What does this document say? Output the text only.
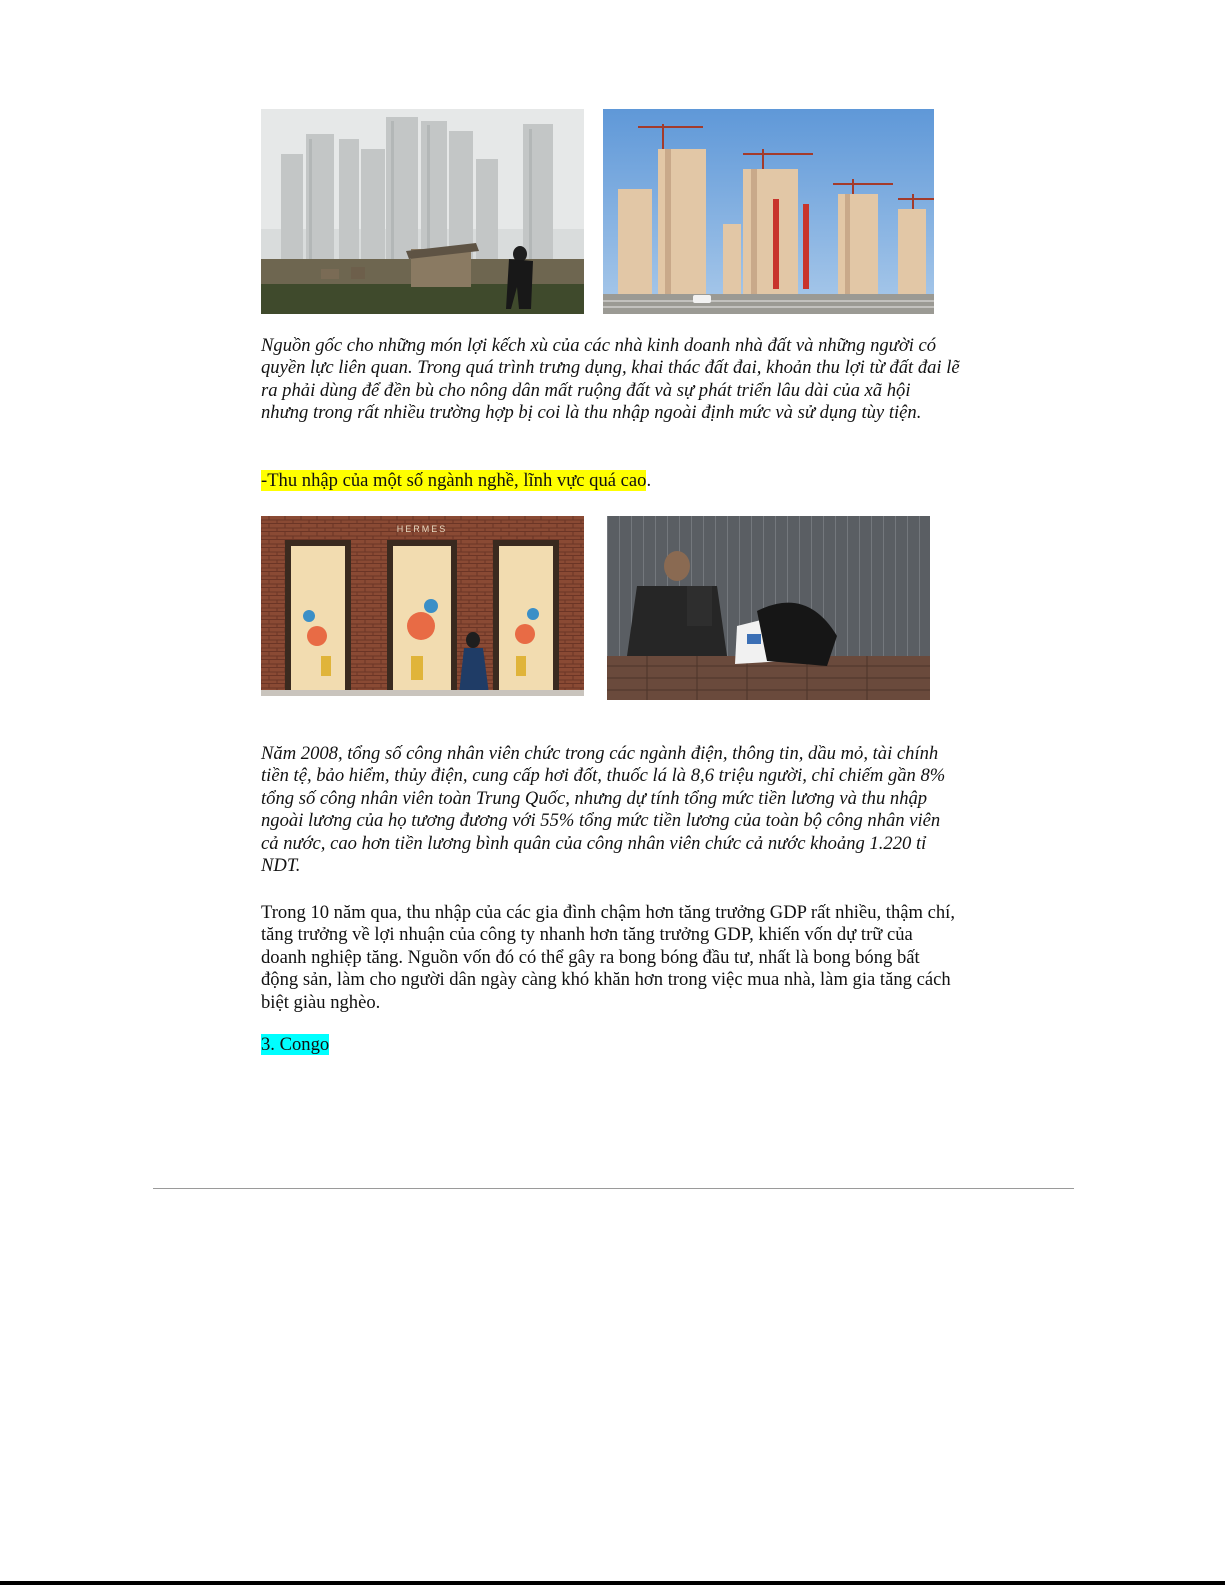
Nguồn gốc cho những món lợi kếch xù của các nhà kinh doanh nhà đất và những người có quyền lực liên quan. Trong quá trình trưng dụng, khai thác đất đai, khoản thu lợi từ đất đai lẽ ra phải dùng để đền bù cho nông dân mất ruộng đất và sự phát triển lâu dài của xã hội nhưng trong rất nhiều trường hợp bị coi là thu nhập ngoài định mức và sử dụng tùy tiện.

-Thu nhập của một số ngành nghề, lĩnh vực quá cao.

HERMES

Năm 2008, tổng số công nhân viên chức trong các ngành điện, thông tin, dầu mỏ, tài chính tiền tệ, bảo hiểm, thủy điện, cung cấp hơi đốt, thuốc lá là 8,6 triệu người, chỉ chiếm gần 8% tổng số công nhân viên toàn Trung Quốc, nhưng dự tính tổng mức tiền lương và thu nhập ngoài lương của họ tương đương với 55% tổng mức tiền lương của toàn bộ công nhân viên cả nước, cao hơn tiền lương bình quân của công nhân viên chức cả nước khoảng 1.220 tỉ NDT.

Trong 10 năm qua, thu nhập của các gia đình chậm hơn tăng trưởng GDP rất nhiều, thậm chí, tăng trưởng về lợi nhuận của công ty nhanh hơn tăng trưởng GDP, khiến vốn dự trữ của doanh nghiệp tăng. Nguồn vốn đó có thể gây ra bong bóng đầu tư, nhất là bong bóng bất động sản, làm cho người dân ngày càng khó khăn hơn trong việc mua nhà, làm gia tăng cách biệt giàu nghèo.

3. Congo
